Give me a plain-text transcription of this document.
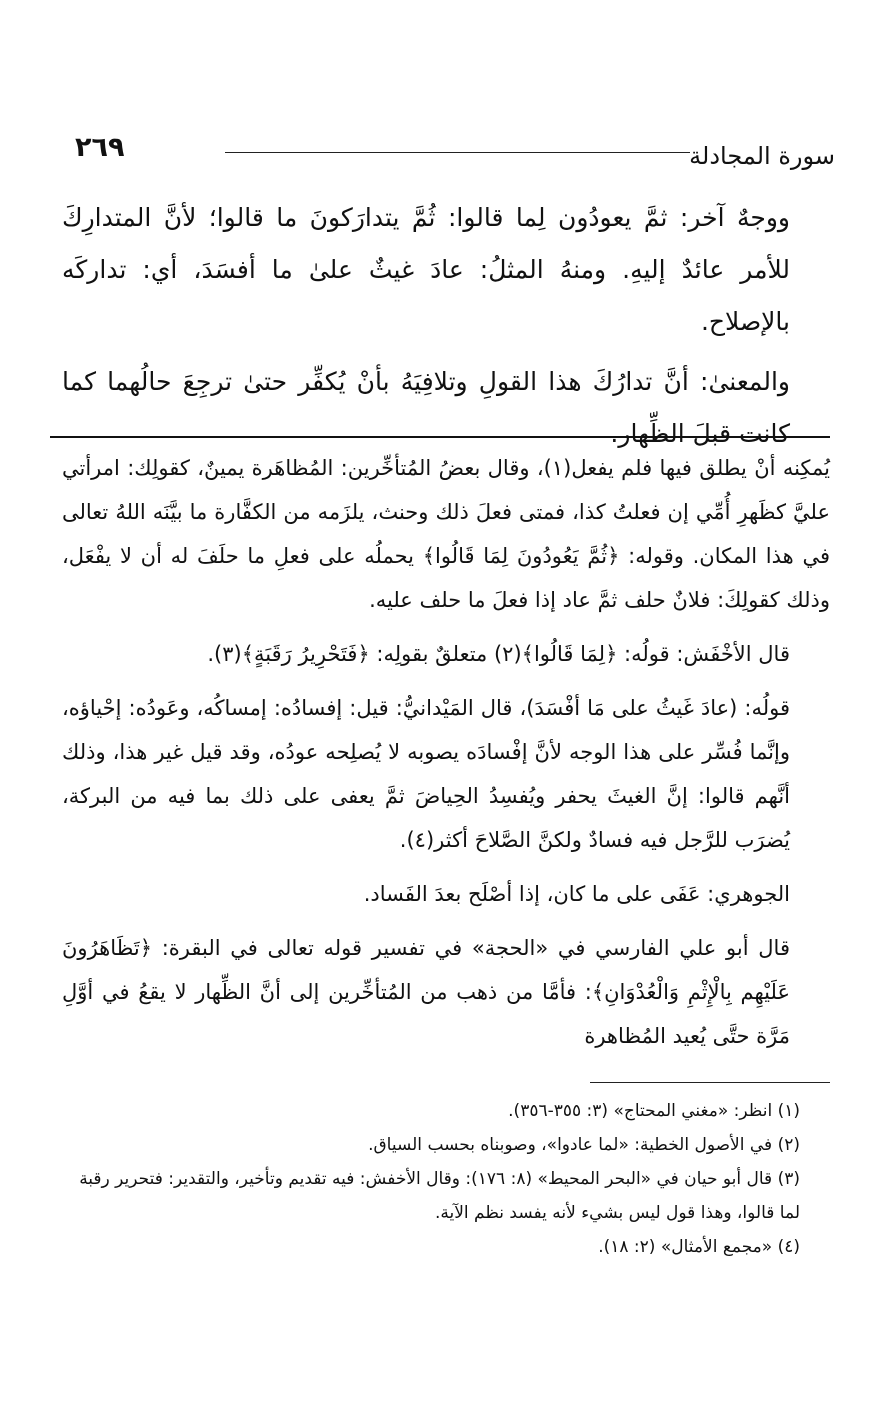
٢٦٩	سورة المجادلة

ووجهٌ آخر: ثمَّ يعودُون لِما قالوا: ثُمَّ يتدارَكونَ ما قالوا؛ لأنَّ المتدارِكَ للأمر عائدٌ إليهِ. ومنهُ المثلُ: عادَ غيثٌ علىٰ ما أفسَدَ، أي: تداركَه بالإصلاح.

والمعنىٰ: أنَّ تدارُكَ هذا القولِ وتلافِيَهُ بأنْ يُكفِّر حتىٰ ترجِعَ حالُهما كما كانت قبلَ الظِّهار.

يُمكِنه أنْ يطلق فيها فلم يفعل(١)، وقال بعضُ المُتأخِّرين: المُظاهَرة يمينٌ، كقولِك: امرأتي عليَّ كظَهرِ أُمِّي إن فعلتُ كذا، فمتى فعلَ ذلك وحنث، يلزَمه من الكفَّارة ما بيَّنَه اللهُ تعالى في هذا المكان. وقوله: ﴿ثُمَّ يَعُودُونَ لِمَا قَالُوا﴾ يحملُه على فعلِ ما حلَفَ له أن لا يفْعَل، وذلك كقولِكَ: فلانٌ حلف ثمَّ عاد إذا فعلَ ما حلف عليه.

قال الأخْفَش: قولُه: ﴿لِمَا قَالُوا﴾(٢) متعلقٌ بقولِه: ﴿فَتَحْرِيرُ رَقَبَةٍ﴾(٣).

قولُه: (عادَ غَيثُ على مَا أفْسَدَ)، قال المَيْدانيُّ: قيل: إفسادُه: إمساكُه، وعَودُه: إحْياؤه، وإنَّما فُسِّر على هذا الوجه لأنَّ إفْسادَه يصوبه لا يُصلِحه عودُه، وقد قيل غير هذا، وذلك أنَّهم قالوا: إنَّ الغيثَ يحفر ويُفسِدُ الحِياضَ ثمَّ يعفى على ذلك بما فيه من البركة، يُضرَب للرَّجل فيه فسادٌ ولكنَّ الصَّلاحَ أكثر(٤).

الجوهري: عَفَى على ما كان، إذا أصْلَح بعدَ الفَساد.

قال أبو علي الفارسي في «الحجة» في تفسير قوله تعالى في البقرة: ﴿تَظَاهَرُونَ عَلَيْهِم بِالْإِثْمِ وَالْعُدْوَانِ﴾: فأمَّا من ذهب من المُتأخِّرين إلى أنَّ الظِّهار لا يقعُ في أوَّلِ مَرَّة حتَّى يُعيد المُظاهرة

(١) انظر: «مغني المحتاج» (٣: ٣٥٥-٣٥٦).

(٢) في الأصول الخطية: «لما عادوا»، وصوبناه بحسب السياق.

(٣) قال أبو حيان في «البحر المحيط» (٨: ١٧٦): وقال الأخفش: فيه تقديم وتأخير، والتقدير: فتحرير رقبة

لما قالوا، وهذا قول ليس بشيء لأنه يفسد نظم الآية.

(٤) «مجمع الأمثال» (٢: ١٨).
